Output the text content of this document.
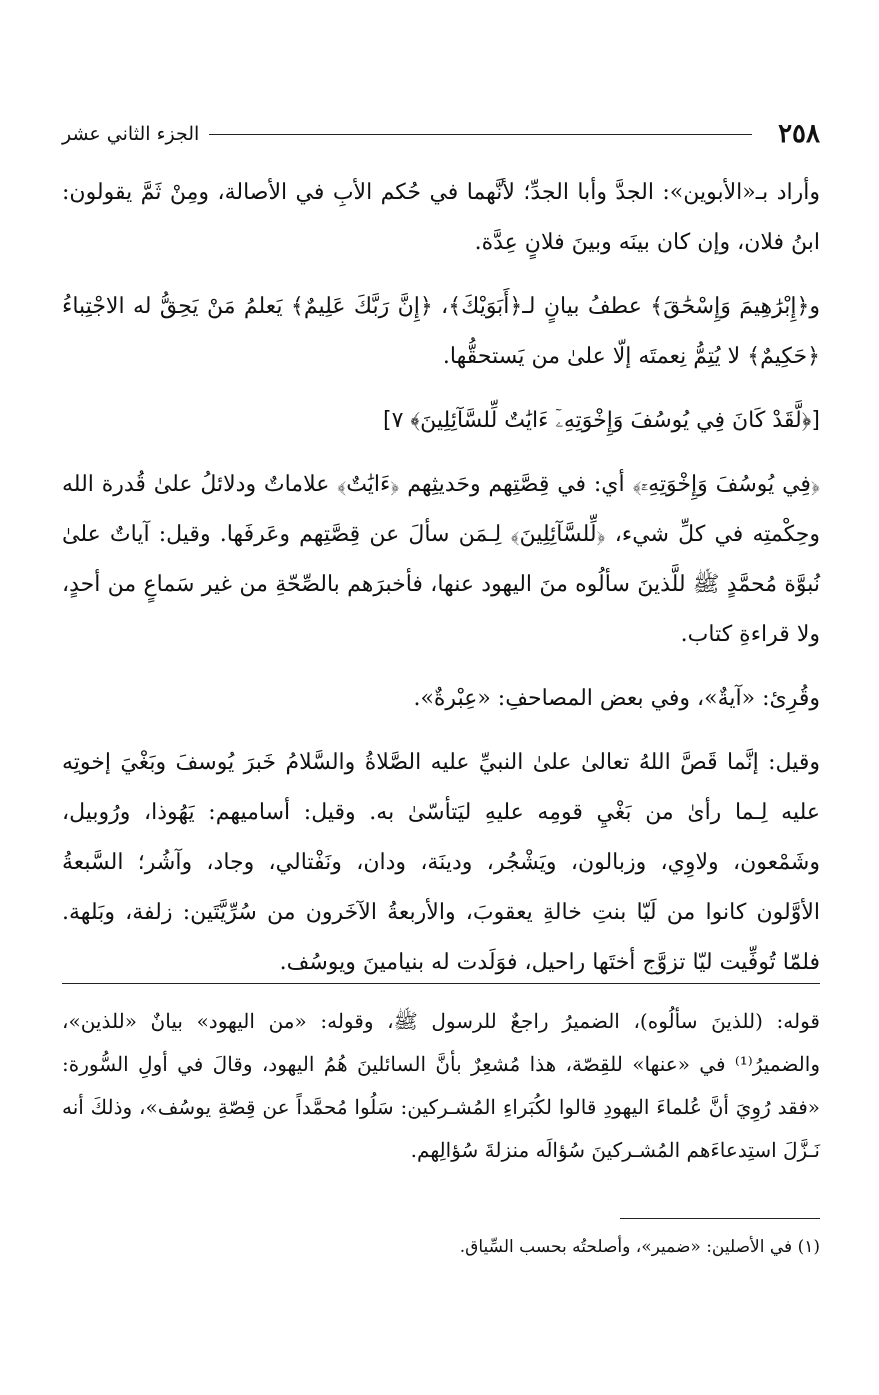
٢٥٨
الجزء الثاني عشر

وأراد بـ«الأبوين»: الجدَّ وأبا الجدِّ؛ لأنَّهما في حُكم الأبِ في الأصالة، ومِنْ ثَمَّ يقولون: ابنُ فلان، وإن كان بينَه وبينَ فلانٍ عِدَّة.

و﴿إِبْرَٰهِيمَ وَإِسْحَٰقَ﴾ عطفُ بيانٍ لـ﴿أَبَوَيْكَ﴾، ﴿إِنَّ رَبَّكَ عَلِيمٌ﴾ يَعلمُ مَنْ يَحِقُّ له الاجْتِباءُ ﴿حَكِيمٌ﴾ لا يُتِمُّ نِعمتَه إلّا علىٰ من يَستحقُّها.

[﴿لَّقَدْ كَانَ فِي يُوسُفَ وَإِخْوَتِهِۦٓ ءَايَٰتٌ لِّلسَّآئِلِينَ﴾ ٧]

﴿فِي يُوسُفَ وَإِخْوَتِهِۦٓ﴾ أي: في قِصَّتِهم وحَديثِهم ﴿ءَايَٰتٌ﴾ علاماتٌ ودلائلُ علىٰ قُدرة الله وحِكْمتِه في كلِّ شيء، ﴿لِّلسَّآئِلِينَ﴾ لِـمَن سألَ عن قِصَّتِهم وعَرفَها. وقيل: آياتٌ علىٰ نُبوَّة مُحمَّدٍ ﷺ للَّذينَ سألُوه منَ اليهود عنها، فأخبرَهم بالصِّحّةِ من غير سَماعٍ من أحدٍ، ولا قراءةِ كتاب.

وقُرِئ: «آيةٌ»، وفي بعض المصاحفِ: «عِبْرةٌ».

وقيل: إنَّما قَصَّ اللهُ تعالىٰ علىٰ النبيِّ عليه الصَّلاةُ والسَّلامُ خَبرَ يُوسفَ وبَغْيَ إخوتِه عليه لِـما رأىٰ من بَغْيِ قومِه عليهِ ليَتأسّىٰ به. وقيل: أساميهم: يَهُوذا، ورُوبيل، وشَمْعون، ولاوِي، وزبالون، ويَشْجُر، ودينَة، ودان، ونَفْتالي، وجاد، وآشُر؛ السَّبعةُ الأوَّلون كانوا من لَيّا بنتِ خالةِ يعقوبَ، والأربعةُ الآخَرون من سُرِّيَّتَين: زلفة، وبَلهة. فلمّا تُوفِّيت ليّا تزوَّج أختَها راحيل، فوَلَدت له بنيامينَ ويوسُف.

قوله: (للذينَ سألُوه)، الضميرُ راجعٌ للرسول ﷺ، وقوله: «من اليهود» بيانٌ «للذين»، والضميرُ⁽¹⁾ في «عنها» للقِصّة، هذا مُشعِرٌ بأنَّ السائلينَ هُمُ اليهود، وقالَ في أولِ السُّورة: «فقد رُوِيَ أنَّ عُلماءَ اليهودِ قالوا لكُبَراءِ المُشـركين: سَلُوا مُحمَّداً عن قِصّةِ يوسُف»، وذلكَ أنه نَـزَّلَ استِدعاءَهم المُشـركينَ سُؤالَه منزلةَ سُؤالِهم.

(١) في الأصلين: «ضمير»، وأصلحتُه بحسب السِّياق.
